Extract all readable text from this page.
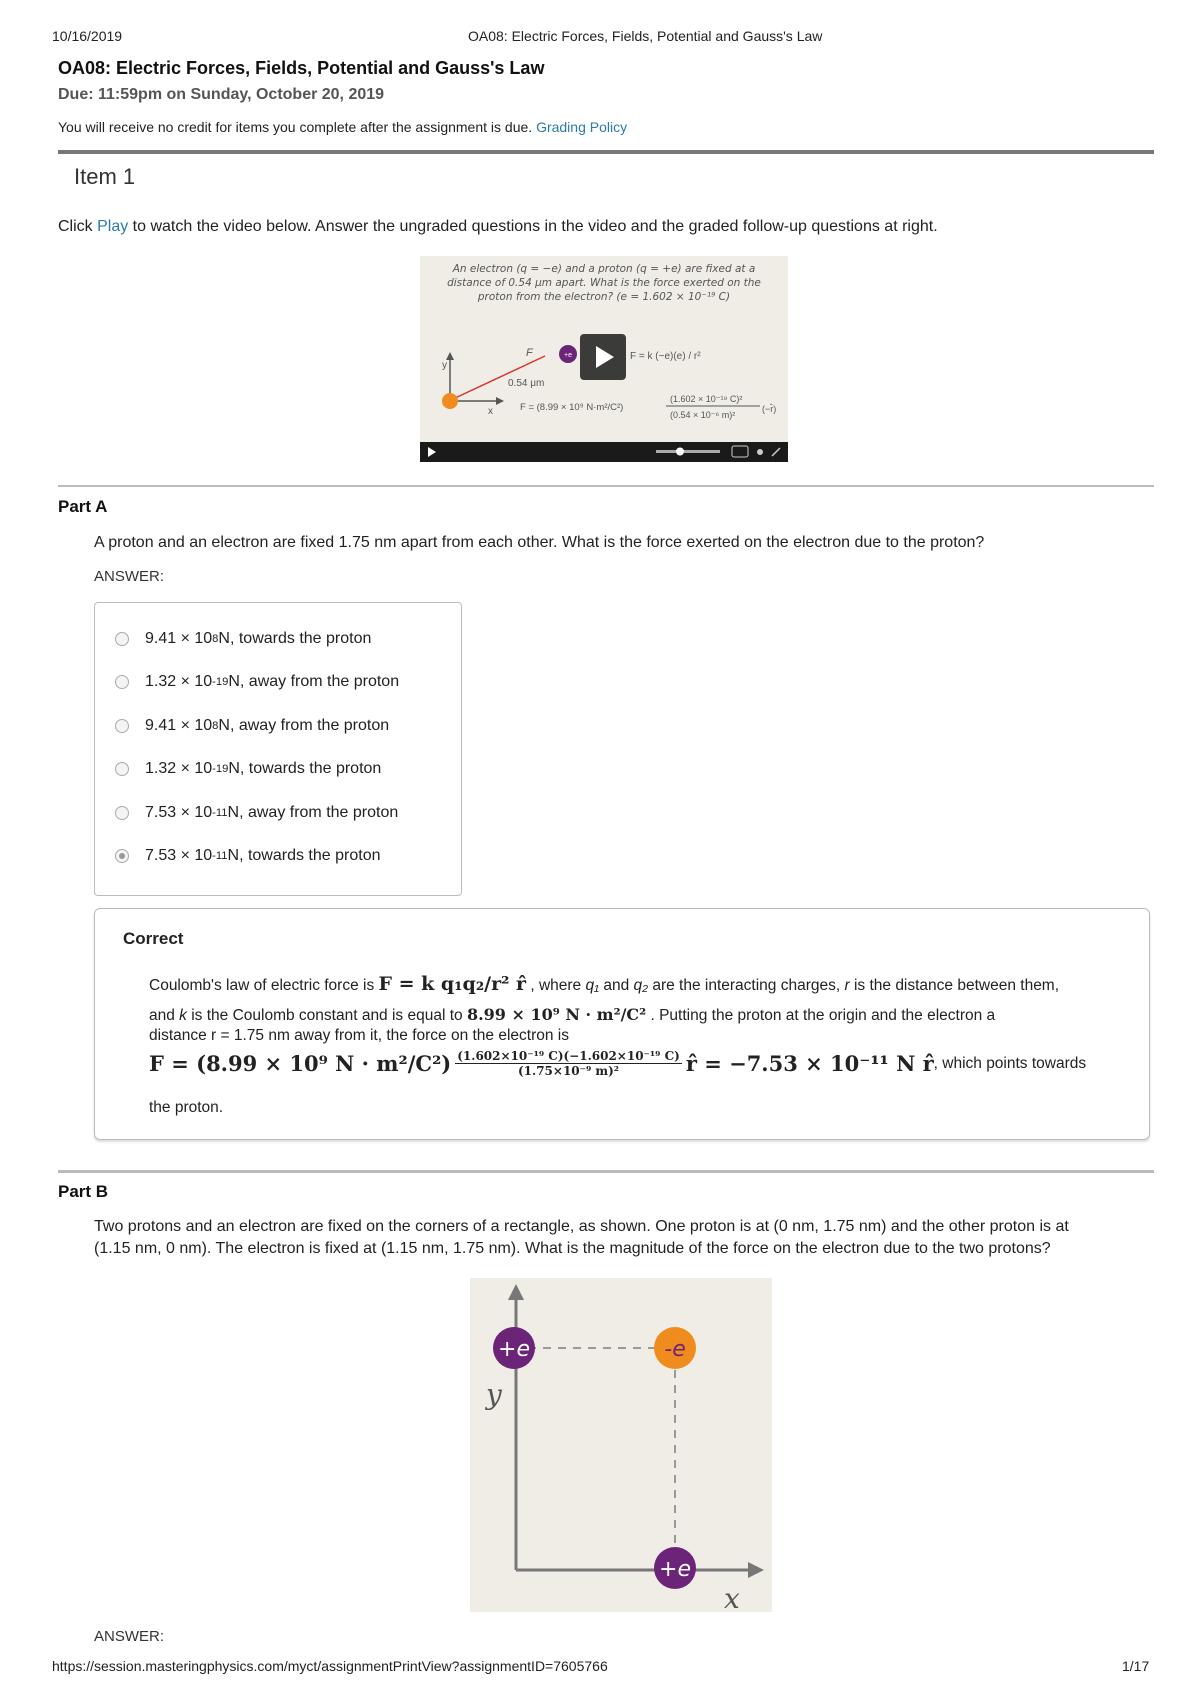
10/16/2019	OA08: Electric Forces, Fields, Potential and Gauss's Law
OA08: Electric Forces, Fields, Potential and Gauss's Law
Due: 11:59pm on Sunday, October 20, 2019
You will receive no credit for items you complete after the assignment is due. Grading Policy
Item 1
Click Play to watch the video below. Answer the ungraded questions in the video and the graded follow-up questions at right.
An electron (q = −e) and a proton (q = +e) are fixed at a
distance of 0.54 μm apart. What is the force exerted on the
proton from the electron? (e = 1.602 × 10⁻¹⁹ C)
y
x
+e
F
0.54 μm
F = k (−e)(e) / r²
F = (8.99 × 10⁹ N·m²/C²)
(1.602 × 10⁻¹⁹ C)²
(0.54 × 10⁻⁶ m)²
(−r̂)
Part A
A proton and an electron are fixed 1.75 nm apart from each other. What is the force exerted on the electron due to the proton?
ANSWER:
9.41 × 10 8 N, towards the proton
1.32 × 10 -19 N, away from the proton
9.41 × 10 8 N, away from the proton
1.32 × 10 -19 N, towards the proton
7.53 × 10 -11 N, away from the proton
7.53 × 10 -11 N, towards the proton
Correct
Coulomb's law of electric force is F = k q₁q₂/r² r̂ , where q₁ and q₂ are the interacting charges, r is the distance between them,
and k is the Coulomb constant and is equal to 8.99 × 10⁹ N · m²/C² . Putting the proton at the origin and the electron a
distance r = 1.75 nm away from it, the force on the electron is
F = (8.99 × 10⁹ $N \cdot m^2/C^2) \frac{\text{(1.602×10⁻¹⁹ C)(−1.602×10⁻¹⁹ C)}}{\text{(1.75×10⁻⁹ m)²}}$ r̂ = −7.53 × 10⁻¹¹ N r̂ , which points towards
the proton.
Part B
Two protons and an electron are fixed on the corners of a rectangle, as shown. One proton is at (0 nm, 1.75 nm) and the other proton is at
(1.15 nm, 0 nm). The electron is fixed at (1.15 nm, 1.75 nm). What is the magnitude of the force on the electron due to the two protons?
+e	-e
+e
y
x
ANSWER:
https://session.masteringphysics.com/myct/assignmentPrintView?assignmentID=7605766	1/17
